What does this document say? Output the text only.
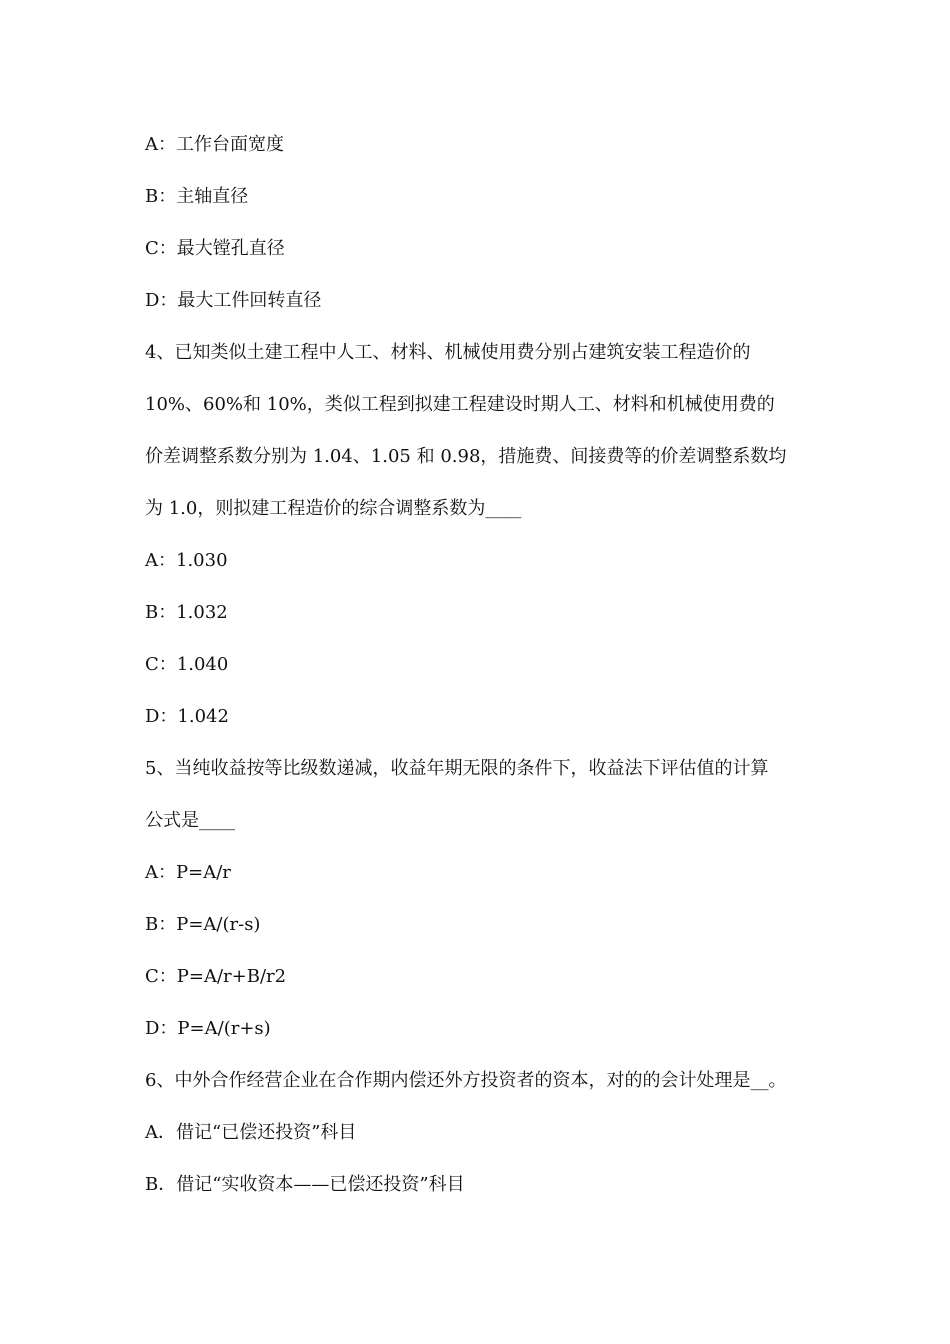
A：工作台面宽度
B：主轴直径
C：最大镗孔直径
D：最大工件回转直径
4、已知类似土建工程中人工、材料、机械使用费分别占建筑安装工程造价的
10%、60%和 10%，类似工程到拟建工程建设时期人工、材料和机械使用费的
价差调整系数分别为 1.04、1.05 和 0.98，措施费、间接费等的价差调整系数均
为 1.0，则拟建工程造价的综合调整系数为____
A：1.030
B：1.032
C：1.040
D：1.042
5、当纯收益按等比级数递减，收益年期无限的条件下，收益法下评估值的计算
公式是____
A：P=A/r
B：P=A/(r-s)
C：P=A/r+B/r2
D：P=A/(r+s)
6、中外合作经营企业在合作期内偿还外方投资者的资本，对的的会计处理是__。
A．借记“已偿还投资”科目
B．借记“实收资本——已偿还投资”科目
